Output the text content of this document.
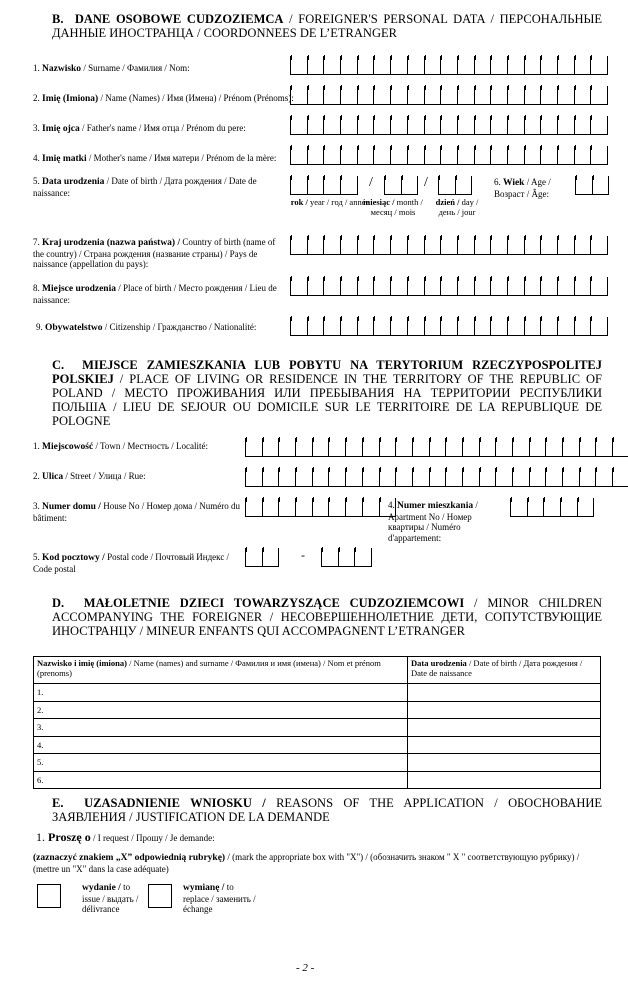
B. DANE OSOBOWE CUDZOZIEMCA / FOREIGNER'S PERSONAL DATA / ПЕРСОНАЛЬНЫЕ ДАННЫЕ ИНОСТРАНЦА / COORDONNEES DE L’ETRANGER
1. Nazwisko / Surname / Фамилия / Nom:
2. Imię (Imiona) / Name (Names) / Имя (Имена) / Prénom (Prénoms):
3. Imię ojca / Father's name / Имя отца / Prénom du pere:
4. Imię matki / Mother's name / Имя матери / Prénom de la mère:
5. Data urodzenia / Date of birth / Дата рождения / Date de naissance:
/	/
rok / year / год / année
miesiąc / month / месяц / mois
dzień / day / день / jour
6. Wiek / Age / Возраст / Âge:
7. Kraj urodzenia (nazwa państwa) / Country of birth (name of the country) / Страна рождения (название страны) / Pays de naissance (appellation du pays):
8. Miejsce urodzenia / Place of birth / Место рождения / Lieu de naissance:
9. Obywatelstwo / Citizenship / Гражданство / Nationalité:
C. MIEJSCE ZAMIESZKANIA LUB POBYTU NA TERYTORIUM RZECZYPOSPOLITEJ POLSKIEJ / PLACE OF LIVING OR RESIDENCE IN THE TERRITORY OF THE REPUBLIC OF POLAND / МЕСТО ПРОЖИВАНИЯ ИЛИ ПРЕБЫВАНИЯ НА ТЕРРИТОРИИ РЕСПУБЛИКИ ПОЛЬША / LIEU DE SEJOUR OU DOMICILE SUR LE TERRITOIRE DE LA REPUBLIQUE DE POLOGNE
1. Miejscowość / Town / Местность / Localité:
2. Ulica / Street / Улица / Rue:
3. Numer domu / House No / Номер дома / Numéro du bâtiment:
4. Numer mieszkania / Apartment No / Номер квартиры / Numéro d'appartement:
5. Kod pocztowy / Postal code / Почтовый Индекс / Code postal
-
D. MAŁOLETNIE DZIECI TOWARZYSZĄCE CUDZOZIEMCOWI / MINOR CHILDREN ACCOMPANYING THE FOREIGNER / НЕСОВЕРШЕННОЛЕТНИЕ ДЕТИ, СОПУТСТВУЮЩИЕ ИНОСТРАНЦУ / MINEUR ENFANTS QUI ACCOMPAGNENT L’ETRANGER
Nazwisko i imię (imiona) / Name (names) and surname / Фамилия и имя (имена) / Nom et prénom (prenoms)	Data urodzenia / Date of birth / Дата рождения / Date de naissance
1.	
2.	
3.	
4.	
5.	
6.	
E. UZASADNIENIE WNIOSKU / REASONS OF THE APPLICATION / ОБОСНОВАНИЕ ЗАЯВЛЕНИЯ / JUSTIFICATION DE LA DEMANDE
1. Proszę o / I request / Прошу / Je demande:
(zaznaczyć znakiem „X” odpowiednią rubrykę) / (mark the appropriate box with "X") / (обозначить знаком " X " соответствующую рубрику) / (mettre un "X" dans la case adéquate)
wydanie / to issue / выдать / délivrance
wymianę / to replace / заменить / échange
- 2 -
